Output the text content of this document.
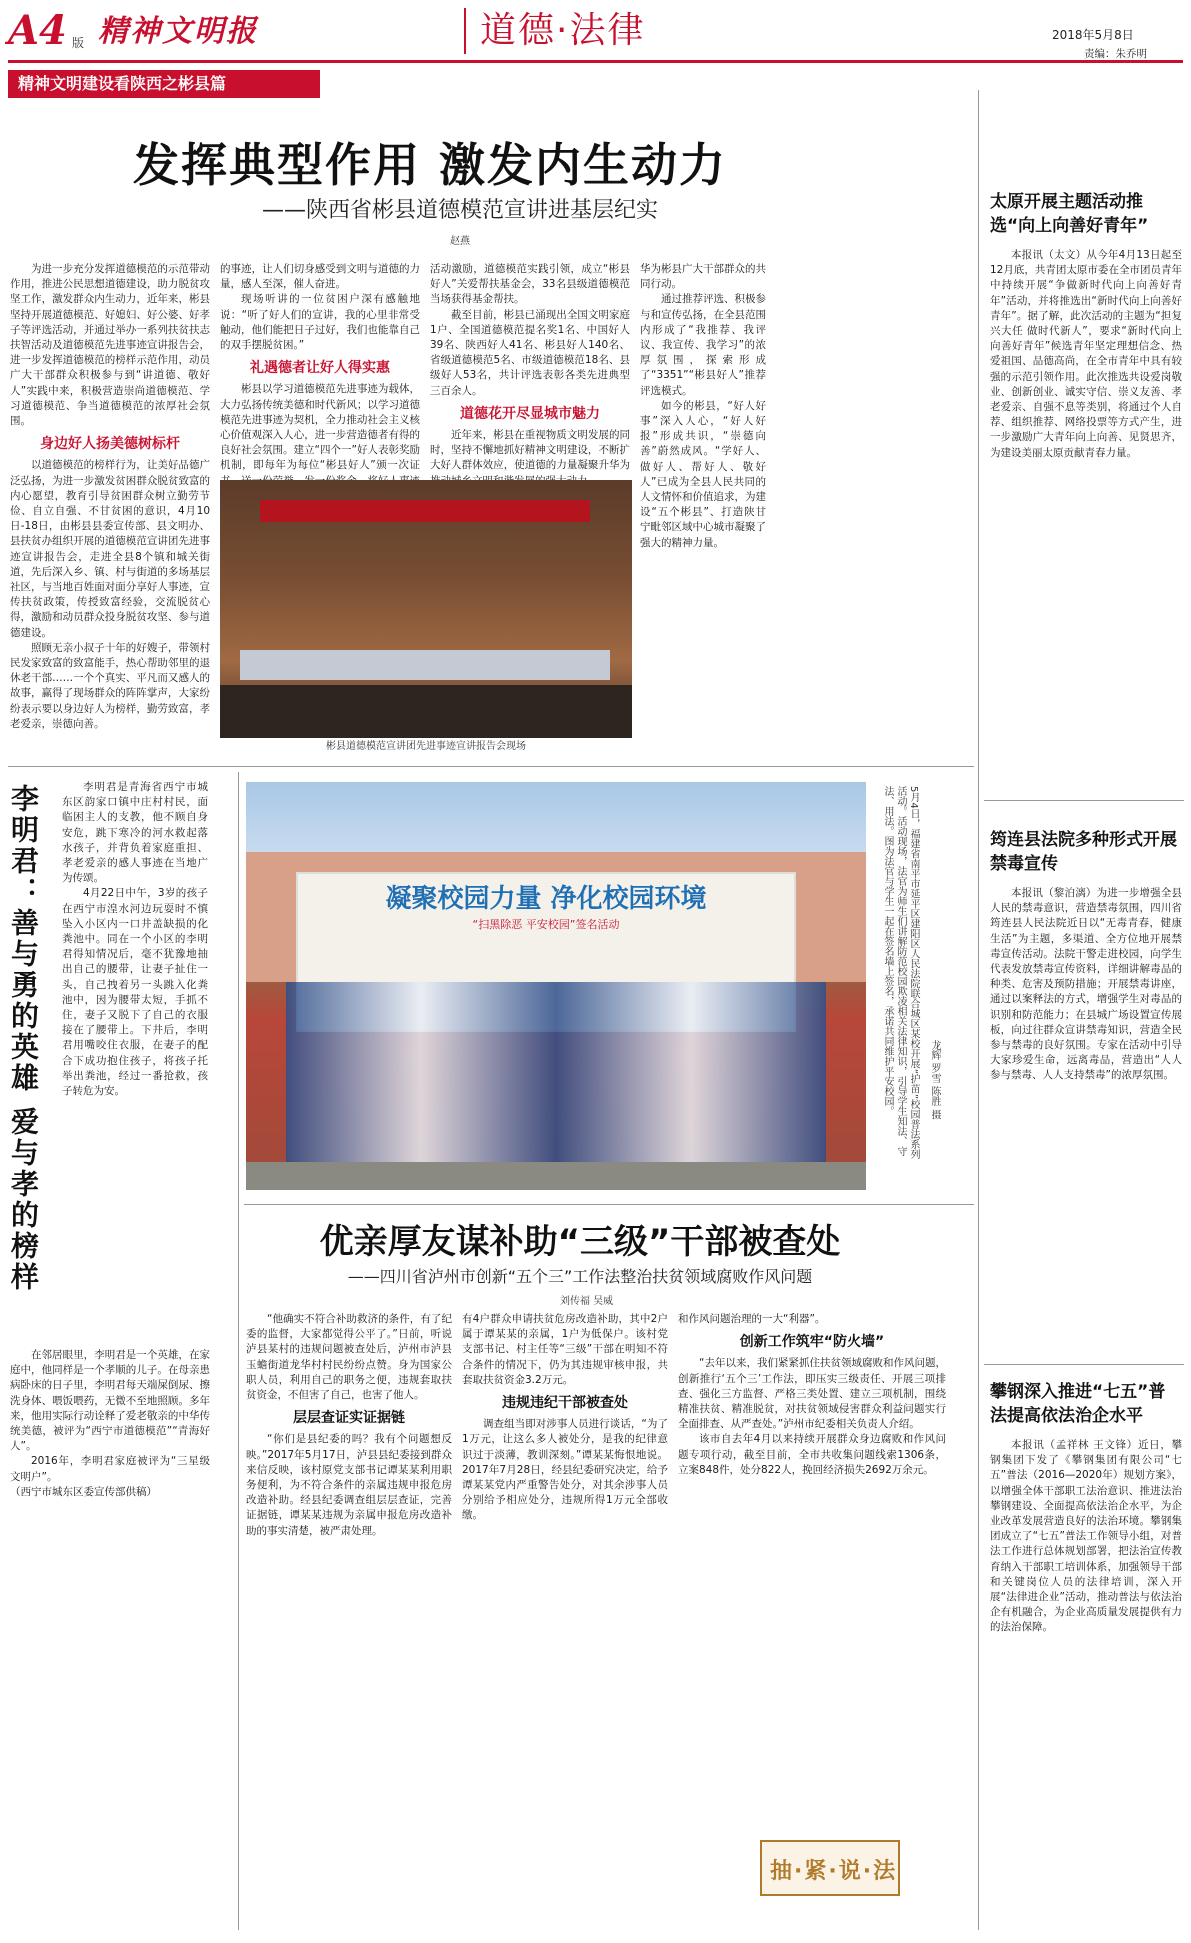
A4 版 精神文明报	道德·法律	2018年5月8日
责编：朱乔明
精神文明建设看陕西之彬县篇
发挥典型作用 激发内生动力
——陕西省彬县道德模范宣讲进基层纪实
赵燕

为进一步充分发挥道德模范的示范带动作用，推进公民思想道德建设，助力脱贫攻坚工作，激发群众内生动力，近年来，彬县坚持开展道德模范、好媳妇、好公婆、好孝子等评选活动，并通过举办一系列扶贫扶志扶智活动及道德模范先进事迹宣讲报告会，进一步发挥道德模范的榜样示范作用，动员广大干部群众积极参与到“讲道德、敬好人”实践中来，积极营造崇尚道德模范、学习道德模范、争当道德模范的浓厚社会氛围。

身边好人扬美德树标杆

以道德模范的榜样行为，让美好品德广泛弘扬，为进一步激发贫困群众脱贫致富的内心愿望，教育引导贫困群众树立勤劳节俭、自立自强、不甘贫困的意识，4月10日-18日，由彬县县委宣传部、县文明办、县扶贫办组织开展的道德模范宣讲团先进事迹宣讲报告会，走进全县8个镇和城关街道，先后深入乡、镇、村与街道的多场基层社区，与当地百姓面对面分享好人事迹，宣传扶贫政策，传授致富经验，交流脱贫心得，激励和动员群众投身脱贫攻坚、参与道德建设。

照顾无亲小叔子十年的好嫂子，带领村民发家致富的致富能手，热心帮助邻里的退休老干部……一个个真实、平凡而又感人的故事，赢得了现场群众的阵阵掌声，大家纷纷表示要以身边好人为榜样，勤劳致富，孝老爱亲，崇德向善。

的事迹，让人们切身感受到文明与道德的力量，感人至深，催人奋进。

现场听讲的一位贫困户深有感触地说：“听了好人们的宣讲，我的心里非常受触动，他们能把日子过好，我们也能靠自己的双手摆脱贫困。”

礼遇德者让好人得实惠

彬县以学习道德模范先进事迹为载体，大力弘扬传统美德和时代新风；以学习道德模范先进事迹为契机，全力推动社会主义核心价值观深入人心，进一步营造德者有得的良好社会氛围。建立“四个一”好人表彰奖励机制，即每年为每位“彬县好人”颁一次证

活动激励，道德模范实践引领，成立“彬县好人”关爱帮扶基金会，33名县级道德模范当场获得基金帮扶。

截至目前，彬县已涌现出全国文明家庭1户、全国道德模范提名奖1名、中国好人39名、陕西好人41名、彬县好人140名、省级道德模范5名、市级道德模范18名、县级好人53名，共计评选表彰各类先进典型三百余人。

道德花开尽显城市魅力

近年来，彬县在重视物质文明发展的同时，坚持不懈地抓好精神文明建设，不断扩大好人群体效应，使道德的力量凝聚升华为

华为彬县广大干部群众的共同行动。

通过推荐评选、积极参与和宣传弘扬，在全县范围内形成了“我推荐、我评议、我宣传、我学习”的浓厚氛围，探索形成了“3351”“彬县好人”推荐评选模式。

如今的彬县，“好人好事”深入人心，“好人好报”形成共识，“崇德向善”蔚然成风。“学好人、做好人、帮好人、敬好人”已成为全县人民共同的人文情怀和价值追求，为建设“五个彬县”、打造陕甘宁毗邻区域中心城市凝聚了强大的精神力量。

彬县道德模范宣讲团先进事迹宣讲报告会现场
李明君：善与勇的英雄 爱与孝的榜样	李明君是青海省西宁市城东区韵家口镇中庄村村民，面临困主人的支教，他不顾自身安危，跳下寒冷的河水救起落水孩子，并背负着家庭重担、孝老爱亲的感人事迹在当地广为传颂。

4月22日中午，3岁的孩子在西宁市湟水河边玩耍时不慎坠入小区内一口井盖缺损的化粪池中。同在一个小区的李明君得知情况后，毫不犹豫地抽出自己的腰带，让妻子扯住一头，自己拽着另一头跳入化粪池中，因为腰带太短，手抓不住，妻子又脱下了自己的衣服接在了腰带上。下井后，李明君用嘴咬住衣服，在妻子的配合下成功抱住孩子，将孩子托举出粪池，经过一番抢救，孩子转危为安。

在邻居眼里，李明君是一个英雄，在家庭中，他同样是一个孝顺的儿子。在母亲患病卧床的日子里，李明君每天端屎倒尿、擦洗身体、喂饭喂药，无微不至地照顾。多年来，他用实际行动诠释了爱老敬亲的中华传统美德，被评为“西宁市道德模范”“青海好人”。

2016年，李明君家庭被评为“三星级文明户”。

（西宁市城东区委宣传部供稿）

凝聚校园力量 净化校园环境
“扫黑除恶 平安校园”签名活动	5月4日，福建省南平市延平区建阳区人民法院联合城区某校开展“护苗”校园普法系列活动。活动现场，法官为师生们讲解防范校园欺凌相关法律知识，引导学生知法、守法、用法。图为法官与学生一起在签名墙上签名，承诺共同维护平安校园。	龙辉 罗雪 陈胜 摄
优亲厚友谋补助“三级”干部被查处
——四川省泸州市创新“五个三”工作法整治扶贫领域腐败作风问题
刘传福 吴威

“他确实不符合补助救济的条件，有了纪委的监督，大家都觉得公平了。”日前，听说泸县某村的违规问题被查处后，泸州市泸县玉蟾街道龙华村村民纷纷点赞。身为国家公职人员，利用自己的职务之便，违规套取扶贫资金，不但害了自己，也害了他人。

层层查证实证据链

“你们是县纪委的吗？我有个问题想反映。”2017年5月17日，泸县县纪委接到群众来信反映，该村原党支部书记谭某某利用职务便利，为不符合条件的亲属违规申报危房改造补助。经县纪委调查组层层查证，完善证据链，谭某某违规为亲属申报危房改造补助的事实清楚，被严肃处理。

有4户群众申请扶贫危房改造补助，其中2户属于谭某某的亲属，1户为低保户。该村党支部书记、村主任等“三级”干部在明知不符合条件的情况下，仍为其违规审核申报，共套取扶贫资金3.2万元。

违规违纪干部被查处

调查组当即对涉事人员进行谈话，“为了1万元，让这么多人被处分，是我的纪律意识过于淡薄，教训深刻。”谭某某悔恨地说。2017年7月28日，经县纪委研究决定，给予谭某某党内严重警告处分，对其余涉事人员分别给予相应处分，违规所得1万元全部收缴。

和作风问题治理的一大“利器”。

创新工作筑牢“防火墙”

“去年以来，我们紧紧抓住扶贫领域腐败和作风问题，创新推行‘五个三’工作法，即压实三级责任、开展三项排查、强化三方监督、严格三类处置、建立三项机制，围绕精准扶贫、精准脱贫，对扶贫领域侵害群众利益问题实行全面排查、从严查处。”泸州市纪委相关负责人介绍。

该市自去年4月以来持续开展群众身边腐败和作风问题专项行动，截至目前，全市共收集问题线索1306条，立案848件，处分822人，挽回经济损失2692万余元。

抽·紧·说·法
太原开展主题活动推选“向上向善好青年”

本报讯（太文）从今年4月13日起至12月底，共青团太原市委在全市团员青年中持续开展“争做新时代向上向善好青年”活动，并将推选出“新时代向上向善好青年”。据了解，此次活动的主题为“担复兴大任 做时代新人”，要求“新时代向上向善好青年”候选青年坚定理想信念、热爱祖国、品德高尚，在全市青年中具有较强的示范引领作用。此次推选共设爱岗敬业、创新创业、诚实守信、崇义友善、孝老爱亲、自强不息等类别，将通过个人自荐、组织推荐、网络投票等方式产生，进一步激励广大青年向上向善、见贤思齐，为建设美丽太原贡献青春力量。

筠连县法院多种形式开展禁毒宣传

本报讯（黎泊漓）为进一步增强全县人民的禁毒意识，营造禁毒氛围，四川省筠连县人民法院近日以“无毒青春，健康生活”为主题，多渠道、全方位地开展禁毒宣传活动。法院干警走进校园，向学生代表发放禁毒宣传资料，详细讲解毒品的种类、危害及预防措施；开展禁毒讲座，通过以案释法的方式，增强学生对毒品的识别和防范能力；在县城广场设置宣传展板，向过往群众宣讲禁毒知识，营造全民参与禁毒的良好氛围。专家在活动中引导大家珍爱生命，远离毒品，营造出“人人参与禁毒、人人支持禁毒”的浓厚氛围。

攀钢深入推进“七五”普法提高依法治企水平

本报讯（孟祥林 王文锋）近日，攀钢集团下发了《攀钢集团有限公司“七五”普法（2016—2020年）规划方案》，以增强全体干部职工法治意识、推进法治攀钢建设、全面提高依法治企水平，为企业改革发展营造良好的法治环境。攀钢集团成立了“七五”普法工作领导小组，对普法工作进行总体规划部署，把法治宣传教育纳入干部职工培训体系，加强领导干部和关键岗位人员的法律培训，深入开展“法律进企业”活动，推动普法与依法治企有机融合，为企业高质量发展提供有力的法治保障。
